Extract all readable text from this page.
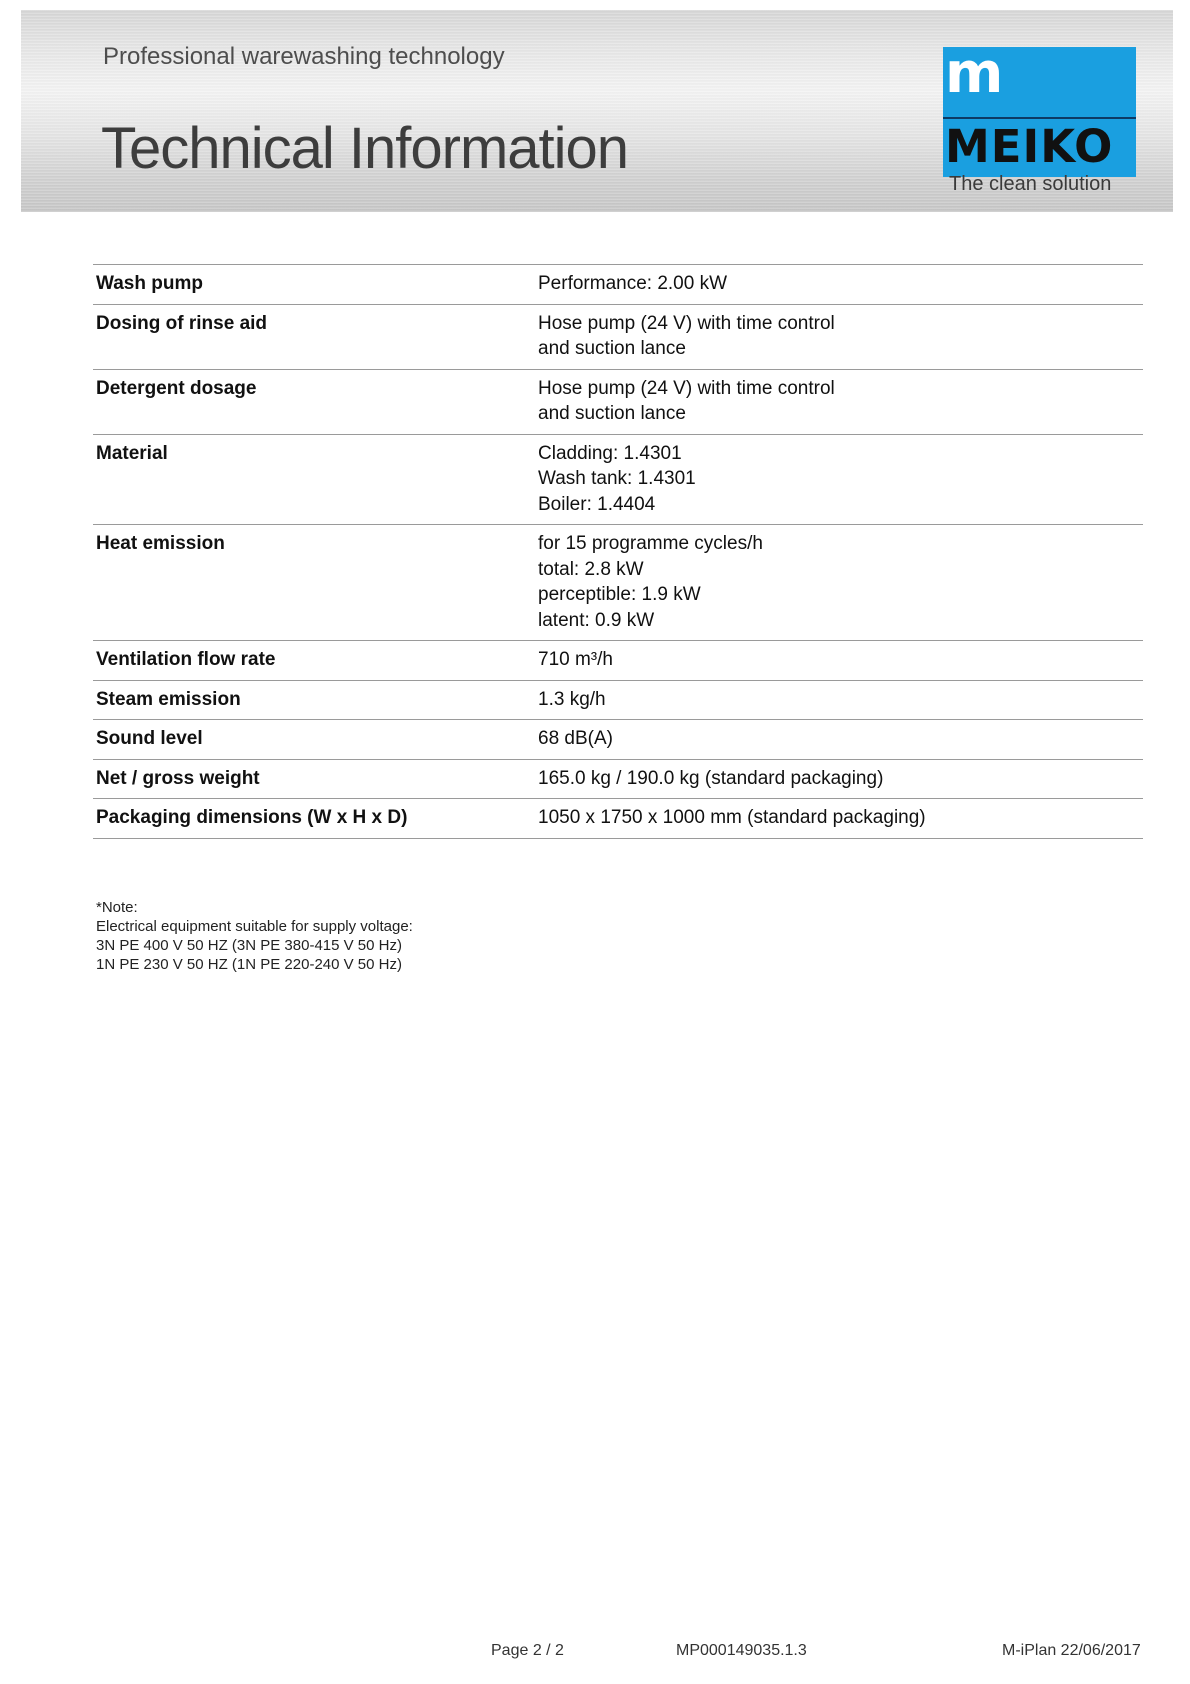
Professional warewashing technology
Technical Information
m
MEIKO
The clean solution
Wash pump	Performance: 2.00 kW
Dosing of rinse aid	Hose pump (24 V) with time control
and suction lance
Detergent dosage	Hose pump (24 V) with time control
and suction lance
Material	Cladding: 1.4301
Wash tank: 1.4301
Boiler: 1.4404
Heat emission	for 15 programme cycles/h
total: 2.8 kW
perceptible: 1.9 kW
latent: 0.9 kW
Ventilation flow rate	710 m³/h
Steam emission	1.3 kg/h
Sound level	68 dB(A)
Net / gross weight	165.0 kg / 190.0 kg (standard packaging)
Packaging dimensions (W x H x D)	1050 x 1750 x 1000 mm (standard packaging)
*Note:
Electrical equipment suitable for supply voltage:
3N PE 400 V 50 HZ (3N PE 380-415 V 50 Hz)
1N PE 230 V 50 HZ (1N PE 220-240 V 50 Hz)
Page 2 / 2	MP000149035.1.3	M-iPlan 22/06/2017
